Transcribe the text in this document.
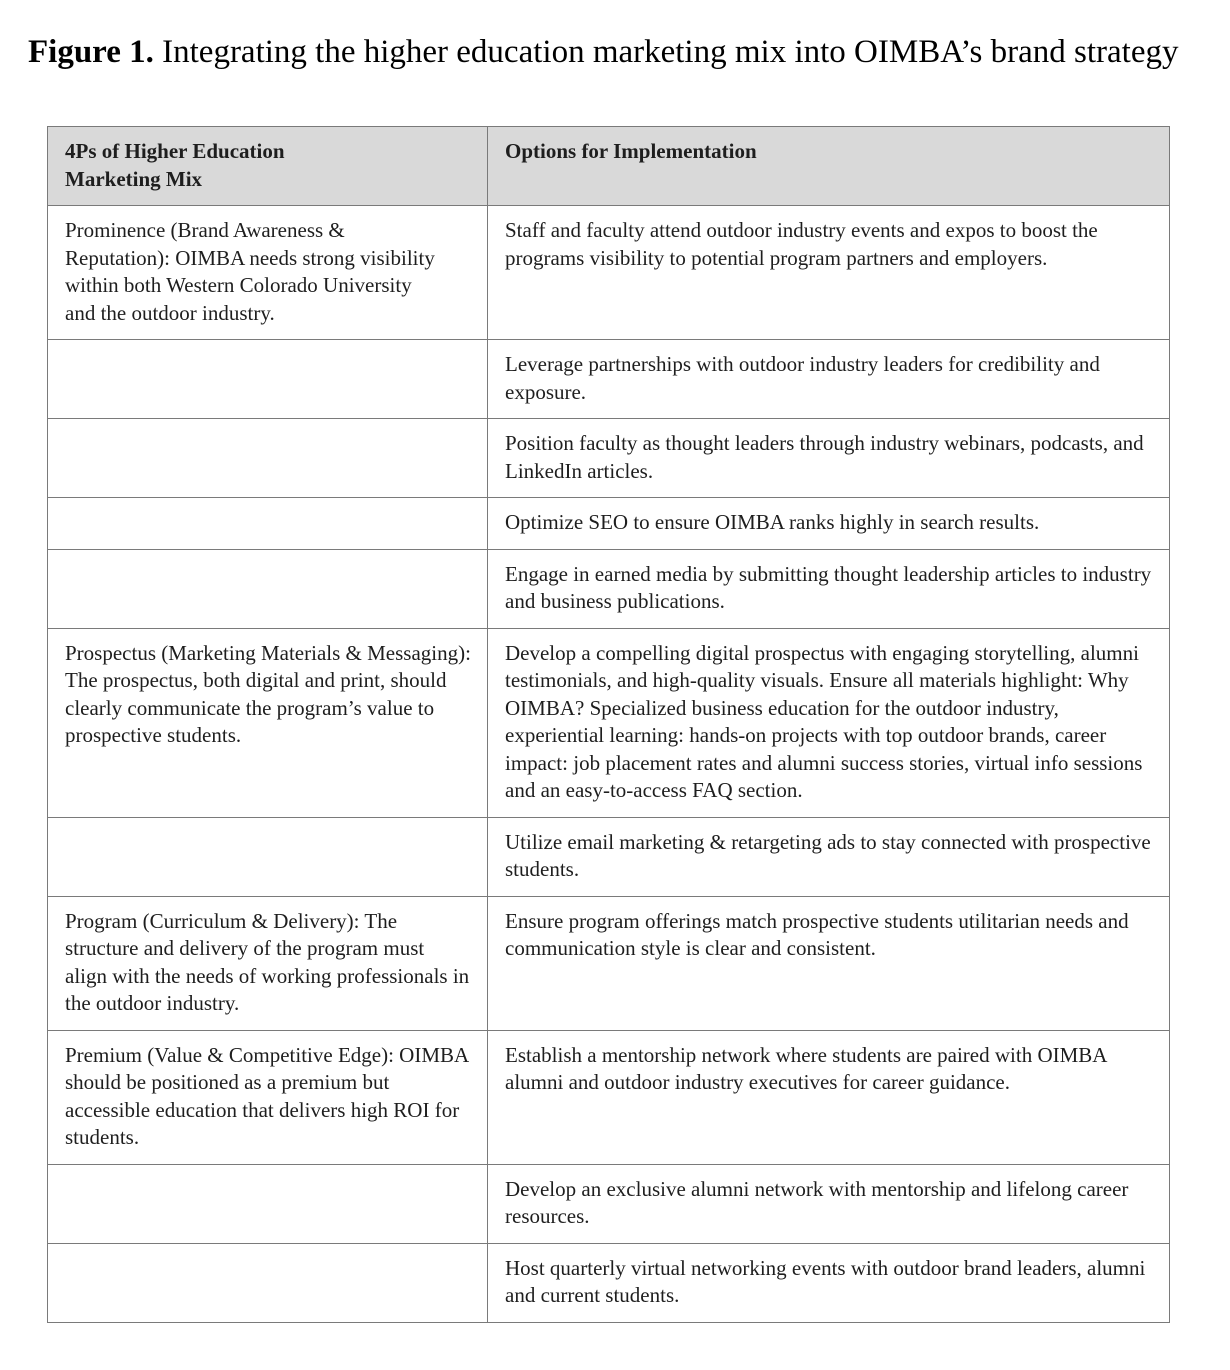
Figure 1. Integrating the higher education marketing mix into OIMBA’s brand strategy
4Ps of Higher Education Marketing Mix	Options for Implementation
Prominence (Brand Awareness & Reputation): OIMBA needs strong visibility within both Western Colorado University and the outdoor industry.	Staff and faculty attend outdoor industry events and expos to boost the programs visibility to potential program partners and employers.
	Leverage partnerships with outdoor industry leaders for credibility and exposure.
	Position faculty as thought leaders through industry webinars, podcasts, and LinkedIn articles.
	Optimize SEO to ensure OIMBA ranks highly in search results.
	Engage in earned media by submitting thought leadership articles to industry and business publications.
Prospectus (Marketing Materials & Messaging): The prospectus, both digital and print, should clearly communicate the program’s value to prospective students.	Develop a compelling digital prospectus with engaging storytelling, alumni testimonials, and high-quality visuals. Ensure all materials highlight: Why OIMBA? Specialized business education for the outdoor industry, experiential learning: hands-on projects with top outdoor brands, career impact: job placement rates and alumni success stories, virtual info sessions and an easy-to-access FAQ section.
	Utilize email marketing & retargeting ads to stay connected with prospective students.
Program (Curriculum & Delivery): The structure and delivery of the program must align with the needs of working professionals in the outdoor industry.	Ensure program offerings match prospective students utilitarian needs and communication style is clear and consistent.
Premium (Value & Competitive Edge): OIMBA should be positioned as a premium but accessible education that delivers high ROI for students.	Establish a mentorship network where students are paired with OIMBA alumni and outdoor industry executives for career guidance.
	Develop an exclusive alumni network with mentorship and lifelong career resources.
	Host quarterly virtual networking events with outdoor brand leaders, alumni and current students.
